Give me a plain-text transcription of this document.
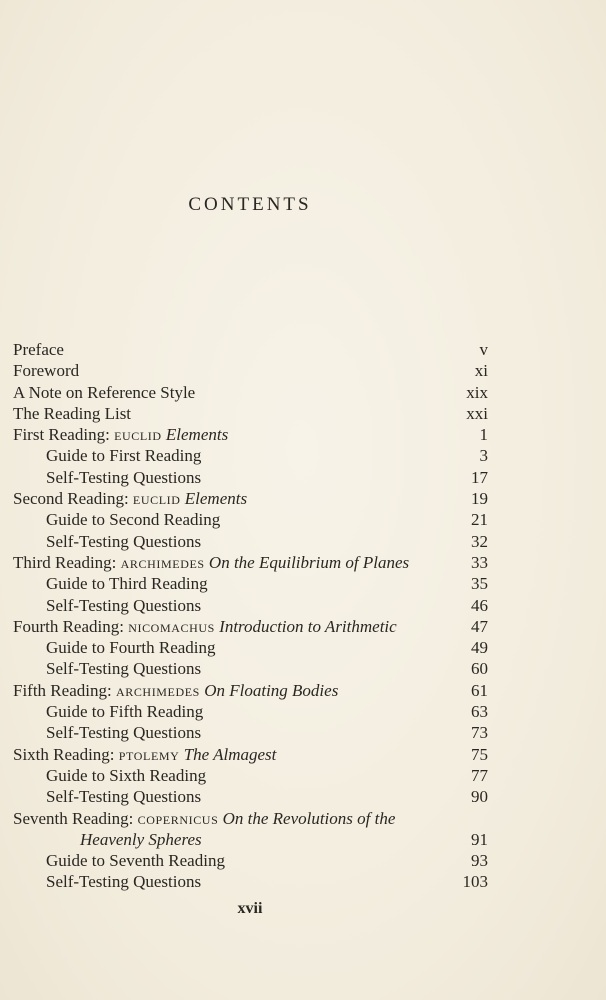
CONTENTS
Preface	v
Foreword	xi
A Note on Reference Style	xix
The Reading List	xxi
First Reading: EUCLID Elements	1
Guide to First Reading	3
Self-Testing Questions	17
Second Reading: EUCLID Elements	19
Guide to Second Reading	21
Self-Testing Questions	32
Third Reading: ARCHIMEDES On the Equilibrium of Planes	33
Guide to Third Reading	35
Self-Testing Questions	46
Fourth Reading: NICOMACHUS Introduction to Arithmetic	47
Guide to Fourth Reading	49
Self-Testing Questions	60
Fifth Reading: ARCHIMEDES On Floating Bodies	61
Guide to Fifth Reading	63
Self-Testing Questions	73
Sixth Reading: PTOLEMY The Almagest	75
Guide to Sixth Reading	77
Self-Testing Questions	90
Seventh Reading: COPERNICUS On the Revolutions of the
Heavenly Spheres	91
Guide to Seventh Reading	93
Self-Testing Questions	103
xvii
